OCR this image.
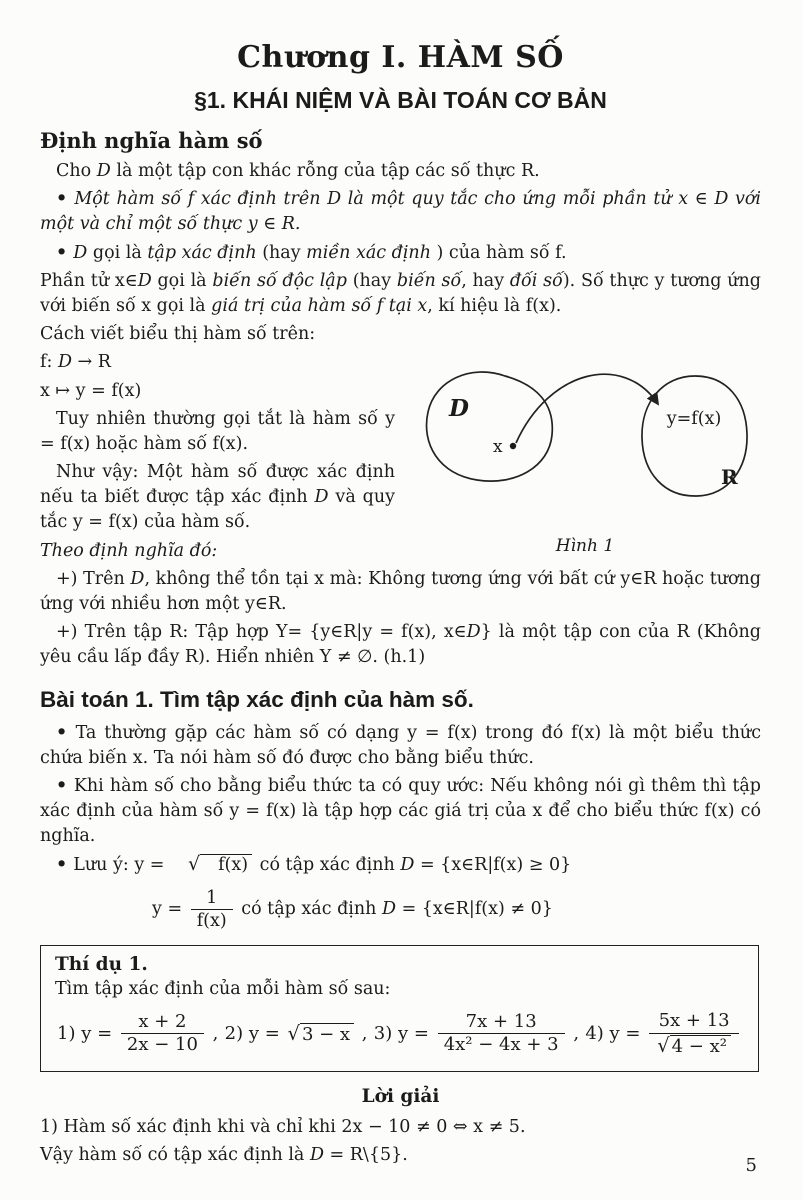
Chương I. HÀM SỐ
§1. KHÁI NIỆM VÀ BÀI TOÁN CƠ BẢN
Định nghĩa hàm số

Cho D là một tập con khác rỗng của tập các số thực R.

• Một hàm số f xác định trên D là một quy tắc cho ứng mỗi phần tử x ∈ D với một và chỉ một số thực y ∈ R.

• D gọi là tập xác định (hay miền xác định ) của hàm số f.

Phần tử x∈D gọi là biến số độc lập (hay biến số, hay đối số). Số thực y tương ứng với biến số x gọi là giá trị của hàm số f tại x, kí hiệu là f(x).

Cách viết biểu thị hàm số trên:

D
x
y=f(x)
R
Hình 1

f: D → R

x ↦ y = f(x)

Tuy nhiên thường gọi tắt là hàm số y = f(x) hoặc hàm số f(x).

Như vậy: Một hàm số được xác định nếu ta biết được tập xác định D và quy tắc y = f(x) của hàm số.

Theo định nghĩa đó:

+) Trên D, không thể tồn tại x mà: Không tương ứng với bất cứ y∈R hoặc tương ứng với nhiều hơn một y∈R.

+) Trên tập R: Tập hợp Y= {y∈R|y = f(x), x∈D} là một tập con của R (Không yêu cầu lấp đầy R). Hiển nhiên Y ≠ ∅. (h.1)

Bài toán 1. Tìm tập xác định của hàm số.

• Ta thường gặp các hàm số có dạng y = f(x) trong đó f(x) là một biểu thức chứa biến x. Ta nói hàm số đó được cho bằng biểu thức.

• Khi hàm số cho bằng biểu thức ta có quy ước: Nếu không nói gì thêm thì tập xác định của hàm số y = f(x) là tập hợp các giá trị của x để cho biểu thức f(x) có nghĩa.

• Lưu ý: y = √	f(x) có tập xác định D = {x∈R|f(x) ≥ 0}

$y = \frac{1}{f(x)}$ có tập xác định D = {x∈R|f(x) ≠ 0}

Thí dụ 1.
Tìm tập xác định của mỗi hàm số sau:
1) $y = \frac{x + 2}{2x - 10}$ , 2) y = √ 3 − x , 3) $y = \frac{7x + 13}{\text{4x² − 4x + 3}}$ , 4) $y = \frac{5x + 13}{\text{√ 4 − x²}}$
Lời giải

1) Hàm số xác định khi và chỉ khi 2x − 10 ≠ 0 ⇔ x ≠ 5.

Vậy hàm số có tập xác định là D = R\{5}.

5
